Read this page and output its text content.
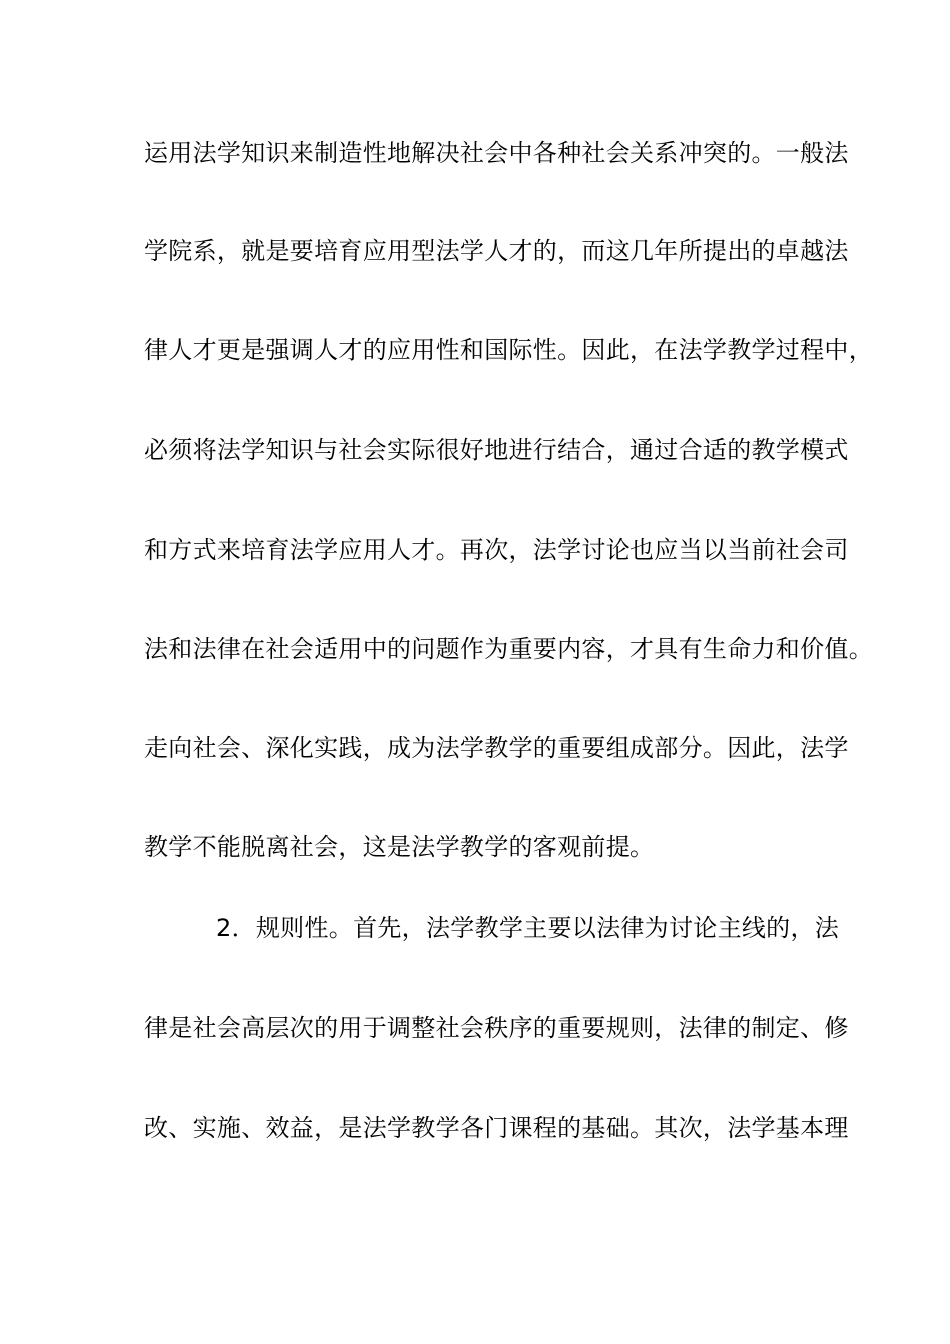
运用法学知识来制造性地解决社会中各种社会关系冲突的。一般法
学院系，就是要培育应用型法学人才的，而这几年所提出的卓越法
律人才更是强调人才的应用性和国际性。因此，在法学教学过程中，
必须将法学知识与社会实际很好地进行结合，通过合适的教学模式
和方式来培育法学应用人才。再次，法学讨论也应当以当前社会司
法和法律在社会适用中的问题作为重要内容，才具有生命力和价值。
走向社会、深化实践，成为法学教学的重要组成部分。因此，法学
教学不能脱离社会，这是法学教学的客观前提。
2．规则性。首先，法学教学主要以法律为讨论主线的，法
律是社会高层次的用于调整社会秩序的重要规则，法律的制定、修
改、实施、效益，是法学教学各门课程的基础。其次，法学基本理
